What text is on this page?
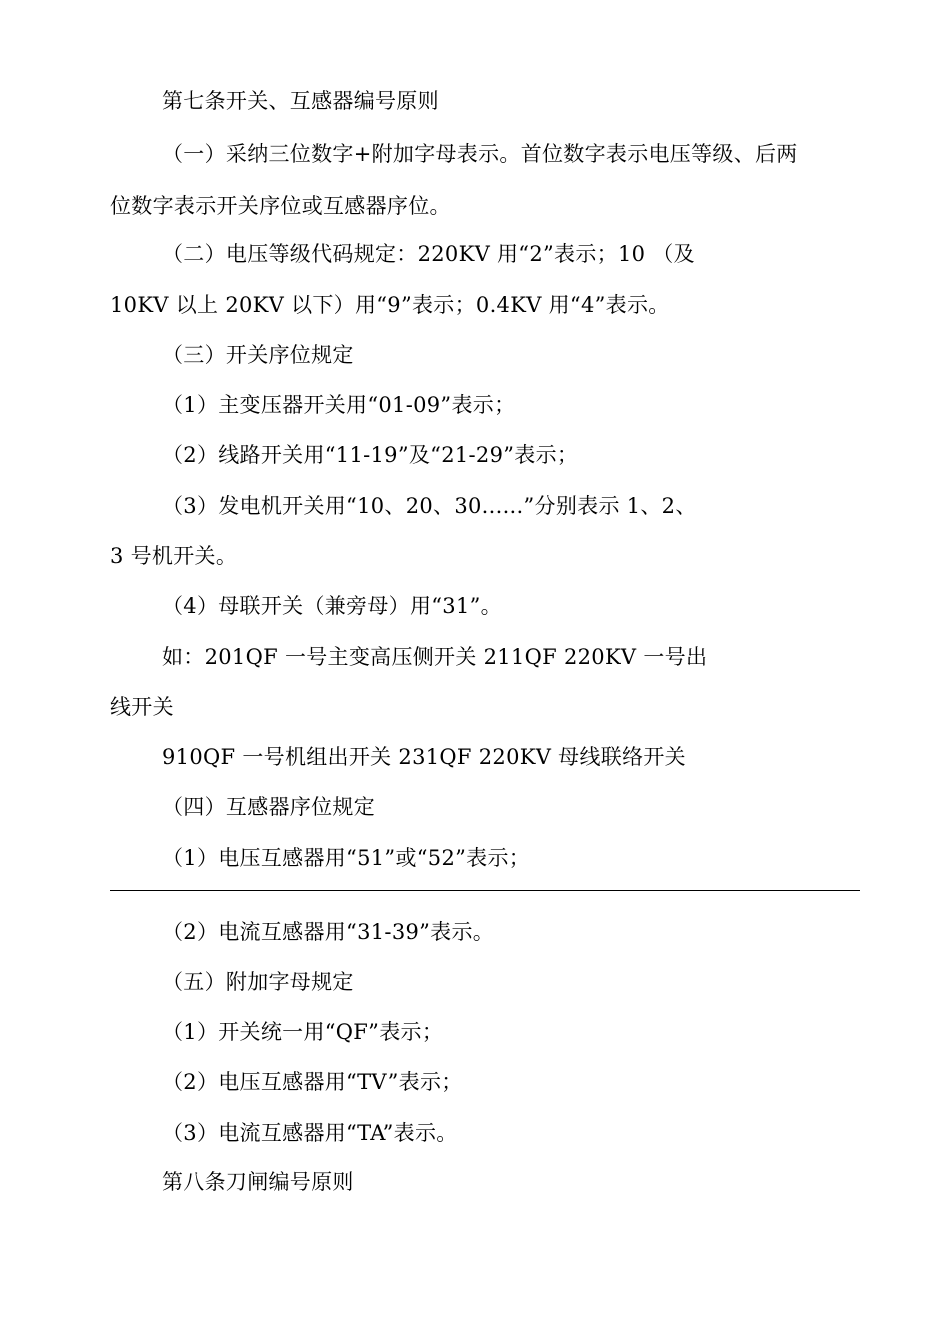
第七条开关、互感器编号原则
（一）采纳三位数字+附加字母表示。首位数字表示电压等级、后两
位数字表示开关序位或互感器序位。
（二）电压等级代码规定：220KV 用“2”表示；10 （及
10KV 以上 20KV 以下）用“9”表示；0.4KV 用“4”表示。
（三）开关序位规定
（1）主变压器开关用“01-09”表示；
（2）线路开关用“11-19”及“21-29”表示；
（3）发电机开关用“10、20、30......”分别表示 1、2、
3 号机开关。
（4）母联开关（兼旁母）用“31”。
如：201QF 一号主变高压侧开关 211QF 220KV 一号出
线开关
910QF 一号机组出开关 231QF 220KV 母线联络开关
（四）互感器序位规定
（1）电压互感器用“51”或“52”表示；
（2）电流互感器用“31-39”表示。
（五）附加字母规定
（1）开关统一用“QF”表示；
（2）电压互感器用“TV”表示；
（3）电流互感器用“TA”表示。
第八条刀闸编号原则
